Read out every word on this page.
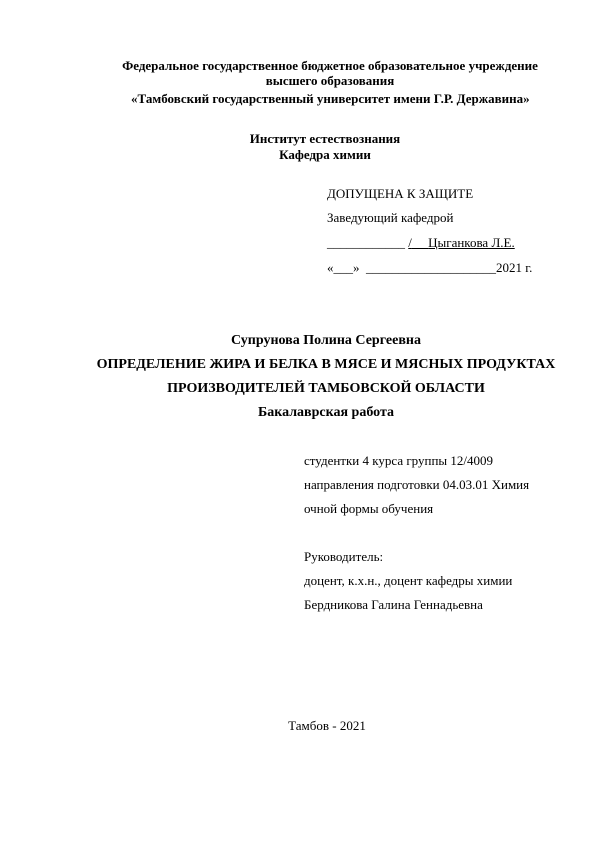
Федеральное государственное бюджетное образовательное учреждение
высшего образования
«Тамбовский государственный университет имени Г.Р. Державина»
Институт естествознания
Кафедра химии
ДОПУЩЕНА К ЗАЩИТЕ
Заведующий кафедрой
____________ / Цыганкова Л.Е.
«___» ____________________2021 г.
Супрунова Полина Сергеевна
ОПРЕДЕЛЕНИЕ ЖИРА И БЕЛКА В МЯСЕ И МЯСНЫХ ПРОДУКТАХ
ПРОИЗВОДИТЕЛЕЙ ТАМБОВСКОЙ ОБЛАСТИ
Бакалаврская работа
студентки 4 курса группы 12/4009
направления подготовки 04.03.01 Химия
очной формы обучения
Руководитель:
доцент, к.х.н., доцент кафедры химии
Бердникова Галина Геннадьевна
Тамбов - 2021
